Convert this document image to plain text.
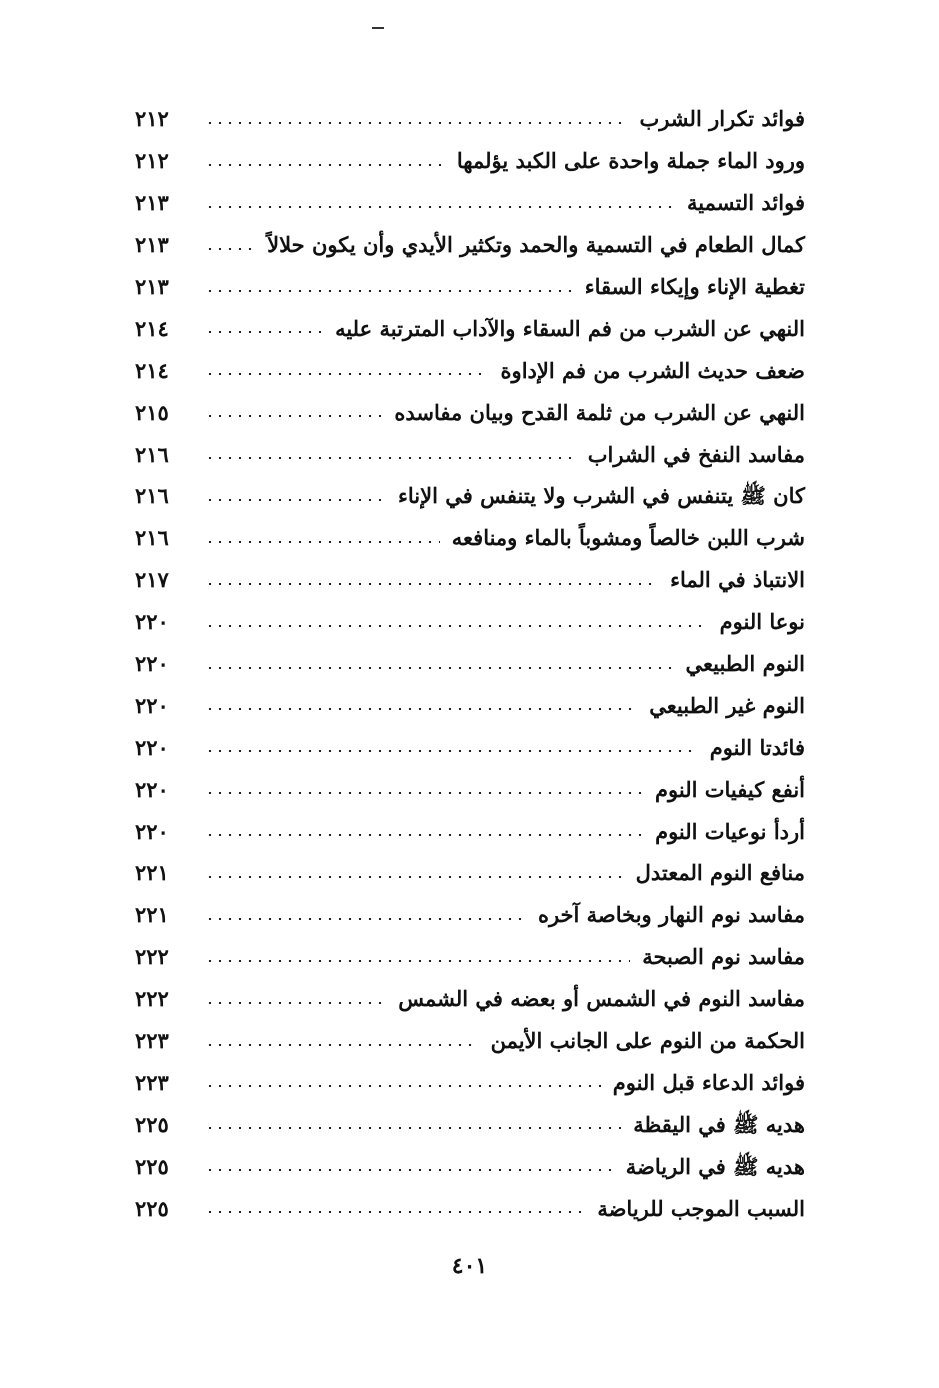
فوائد تكرار الشرب
٢١٢
ورود الماء جملة واحدة على الكبد يؤلمها
٢١٢
فوائد التسمية
٢١٣
كمال الطعام في التسمية والحمد وتكثير الأيدي وأن يكون حلالاً
٢١٣
تغطية الإناء وإيكاء السقاء
٢١٣
النهي عن الشرب من فم السقاء والآداب المترتبة عليه
٢١٤
ضعف حديث الشرب من فم الإداوة
٢١٤
النهي عن الشرب من ثلمة القدح وبيان مفاسده
٢١٥
مفاسد النفخ في الشراب
٢١٦
كان ﷺ يتنفس في الشرب ولا يتنفس في الإناء
٢١٦
شرب اللبن خالصاً ومشوباً بالماء ومنافعه
٢١٦
الانتباذ في الماء
٢١٧
نوعا النوم
٢٢٠
النوم الطبيعي
٢٢٠
النوم غير الطبيعي
٢٢٠
فائدتا النوم
٢٢٠
أنفع كيفيات النوم
٢٢٠
أردأ نوعيات النوم
٢٢٠
منافع النوم المعتدل
٢٢١
مفاسد نوم النهار وبخاصة آخره
٢٢١
مفاسد نوم الصبحة
٢٢٢
مفاسد النوم في الشمس أو بعضه في الشمس
٢٢٢
الحكمة من النوم على الجانب الأيمن
٢٢٣
فوائد الدعاء قبل النوم
٢٢٣
هديه ﷺ في اليقظة
٢٢٥
هديه ﷺ في الرياضة
٢٢٥
السبب الموجب للرياضة
٢٢٥
٤٠١
